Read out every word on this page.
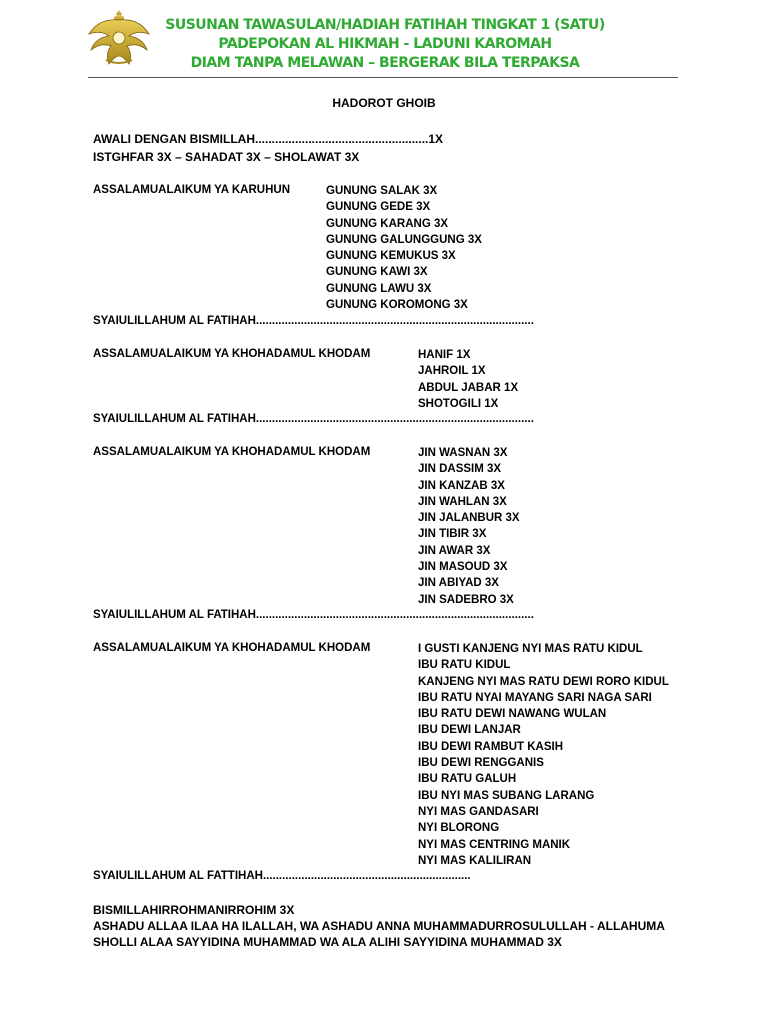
SUSUNAN TAWASULAN/HADIAH FATIHAH TINGKAT 1 (SATU)
PADEPOKAN AL HIKMAH - LADUNI KAROMAH
DIAM TANPA MELAWAN – BERGERAK BILA TERPAKSA
HADOROT GHOIB
AWALI DENGAN BISMILLAH....................................................1X
ISTGHFAR 3X – SAHADAT 3X – SHOLAWAT 3X
ASSALAMUALAIKUM YA KARUHUN	GUNUNG SALAK 3X
GUNUNG GEDE 3X
GUNUNG KARANG 3X
GUNUNG GALUNGGUNG 3X
GUNUNG KEMUKUS 3X
GUNUNG KAWI 3X
GUNUNG LAWU 3X
GUNUNG KOROMONG 3X
SYAIULILLAHUM AL FATIHAH.......................................................................................
ASSALAMUALAIKUM YA KHOHADAMUL KHODAM	HANIF 1X
JAHROIL 1X
ABDUL JABAR 1X
SHOTOGILI 1X
SYAIULILLAHUM AL FATIHAH.......................................................................................
ASSALAMUALAIKUM YA KHOHADAMUL KHODAM	JIN WASNAN 3X
JIN DASSIM 3X
JIN KANZAB 3X
JIN WAHLAN 3X
JIN JALANBUR 3X
JIN TIBIR 3X
JIN AWAR 3X
JIN MASOUD 3X
JIN ABIYAD 3X
JIN SADEBRO 3X
SYAIULILLAHUM AL FATIHAH.......................................................................................
ASSALAMUALAIKUM YA KHOHADAMUL KHODAM	I GUSTI KANJENG NYI MAS RATU KIDUL
IBU RATU KIDUL
KANJENG NYI MAS RATU DEWI RORO KIDUL
IBU RATU NYAI MAYANG SARI NAGA SARI
IBU RATU DEWI NAWANG WULAN
IBU DEWI LANJAR
IBU DEWI RAMBUT KASIH
IBU DEWI RENGGANIS
IBU RATU GALUH
IBU NYI MAS SUBANG LARANG
NYI MAS GANDASARI
NYI BLORONG
NYI MAS CENTRING MANIK
NYI MAS KALILIRAN
SYAIULILLAHUM AL FATTIHAH.................................................................
BISMILLAHIRROHMANIRROHIM 3X
ASHADU ALLAA ILAA HA ILALLAH, WA ASHADU ANNA MUHAMMADURROSULULLAH - ALLAHUMA
SHOLLI ALAA SAYYIDINA MUHAMMAD WA ALA ALIHI SAYYIDINA MUHAMMAD 3X
